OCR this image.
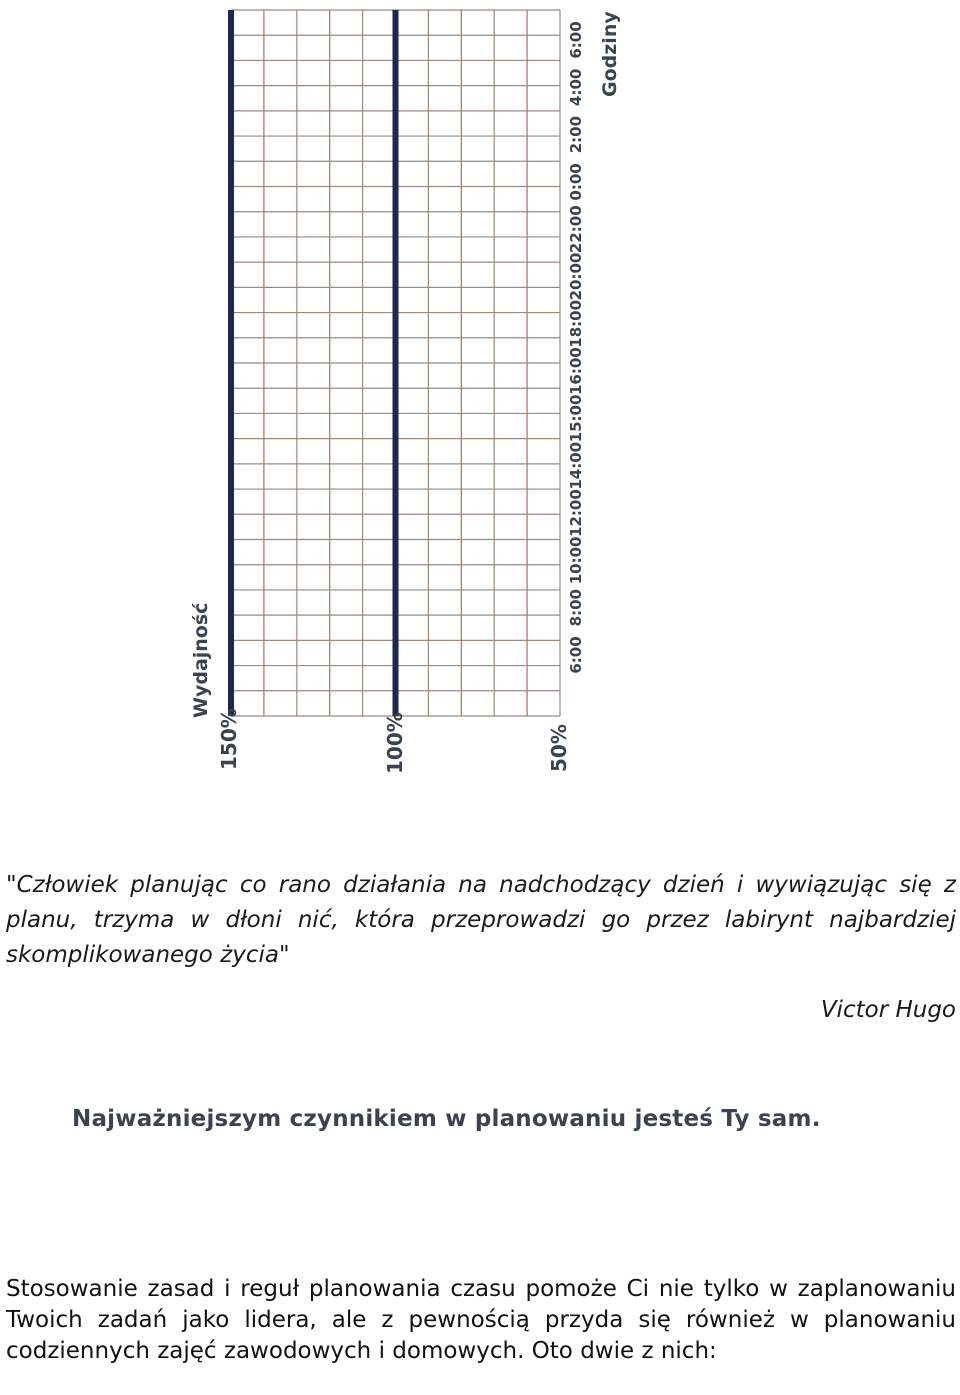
6:00
8:00
10:00
12:00
14:00
15:00
16:00
18:00
20:00
22:00
0:00
2:00
4:00
6:00
150%	100%	50%
Wydajność
Godziny
"Człowiek planując co rano działania na nadchodzący dzień i wywiązując się z planu, trzyma w dłoni nić, która przeprowadzi go przez labirynt najbardziej skomplikowanego życia"
Victor Hugo
Najważniejszym czynnikiem w planowaniu jesteś Ty sam.
Stosowanie zasad i reguł planowania czasu pomoże Ci nie tylko w zaplanowaniu Twoich zadań jako lidera, ale z pewnością przyda się również w planowaniu codziennych zajęć zawodowych i domowych. Oto dwie z nich:
